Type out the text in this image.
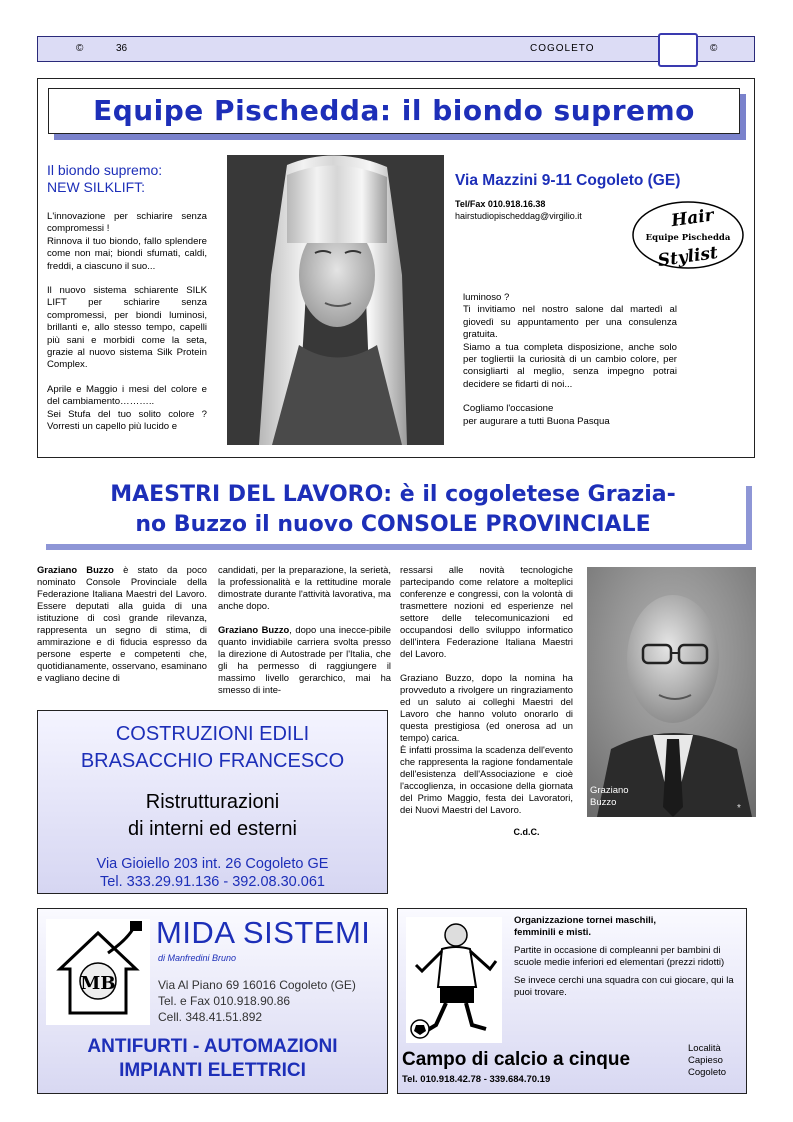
©	36	COGOLETO	©
Equipe Pischedda: il biondo supremo
Il biondo supremo:
NEW SILKLIFT:
L'innovazione per schiarire senza compromessi !
Rinnova il tuo biondo, fallo splendere come non mai; biondi sfumati, caldi, freddi, a ciascuno il suo...
Il nuovo sistema schiarente SILK LIFT per schiarire senza compromessi, per biondi luminosi, brillanti e, allo stesso tempo, capelli più sani e morbidi come la seta, grazie al nuovo sistema Silk Protein Complex.
Aprile e Maggio i mesi del colore e del cambiamento………..
Sei Stufa del tuo solito colore ? Vorresti un capello più lucido e
Via Mazzini 9-11 Cogoleto (GE)
Tel/Fax 010.918.16.38
hairstudiopischeddag@virgilio.it	Hair
Equipe Pischedda
Stylist
luminoso ?
Ti invitiamo nel nostro salone dal martedì al giovedì su appuntamento per una consulenza gratuita.
Siamo a tua completa disposizione, anche solo per togliertii la curiosità di un cambio colore, per consigliarti al meglio, senza impegno potrai decidere se fidarti di noi...
Cogliamo l'occasione
per augurare a tutti Buona Pasqua
MAESTRI DEL LAVORO: è il cogoletese Grazia-
no Buzzo il nuovo CONSOLE PROVINCIALE
Graziano Buzzo è stato da poco nominato Console Provinciale della Federazione Italiana Maestri del Lavoro. Essere deputati alla guida di una istituzione di così grande rilevanza, rappresenta un segno di stima, di ammirazione e di fiducia espresso da persone esperte e competenti che, quotidianamente, osservano, esaminano e vagliano decine di
candidati, per la preparazione, la serietà, la professionalità e la rettitudine morale dimostrate durante l'attività lavorativa, ma anche dopo.
Graziano Buzzo, dopo una inecce-pibile quanto invidiabile carriera svolta presso la direzione di Autostrade per l'Italia, che gli ha permesso di raggiungere il massimo livello gerarchico, mai ha smesso di inte-
ressarsi alle novità tecnologiche partecipando come relatore a molteplici conferenze e congressi, con la volontà di trasmettere nozioni ed esperienze nel settore delle telecomunicazioni ed occupandosi dello sviluppo informatico dell'intera Federazione Italiana Maestri del Lavoro.
Graziano Buzzo, dopo la nomina ha provveduto a rivolgere un ringraziamento ed un saluto ai colleghi Maestri del Lavoro che hanno voluto onorarlo di questa prestigiosa (ed onerosa ad un tempo) carica.
È infatti prossima la scadenza dell'evento che rappresenta la ragione fondamentale dell'esistenza dell'Associazione e cioè l'accoglienza, in occasione della giornata del Primo Maggio, festa dei Lavoratori, dei Nuovi Maestri del Lavoro.
C.d.C.
*
Graziano
Buzzo
COSTRUZIONI EDILI
BRASACCHIO FRANCESCO
Ristrutturazioni
di interni ed esterni
Via Gioiello 203 int. 26 Cogoleto GE
Tel. 333.29.91.136 - 392.08.30.061
MB
MIDA SISTEMI
di Manfredini Bruno
Via Al Piano 69 16016 Cogoleto (GE)
Tel. e Fax 010.918.90.86
Cell. 348.41.51.892
ANTIFURTI - AUTOMAZIONI
IMPIANTI ELETTRICI
Organizzazione tornei maschili,
femminili e misti.
Partite in occasione di compleanni per bambini di scuole medie inferiori ed elementari (prezzi ridotti)
Se invece cerchi una squadra con cui giocare, qui la puoi trovare.
Campo di calcio a cinque
Tel. 010.918.42.78 - 339.684.70.19
Località
Capieso
Cogoleto
